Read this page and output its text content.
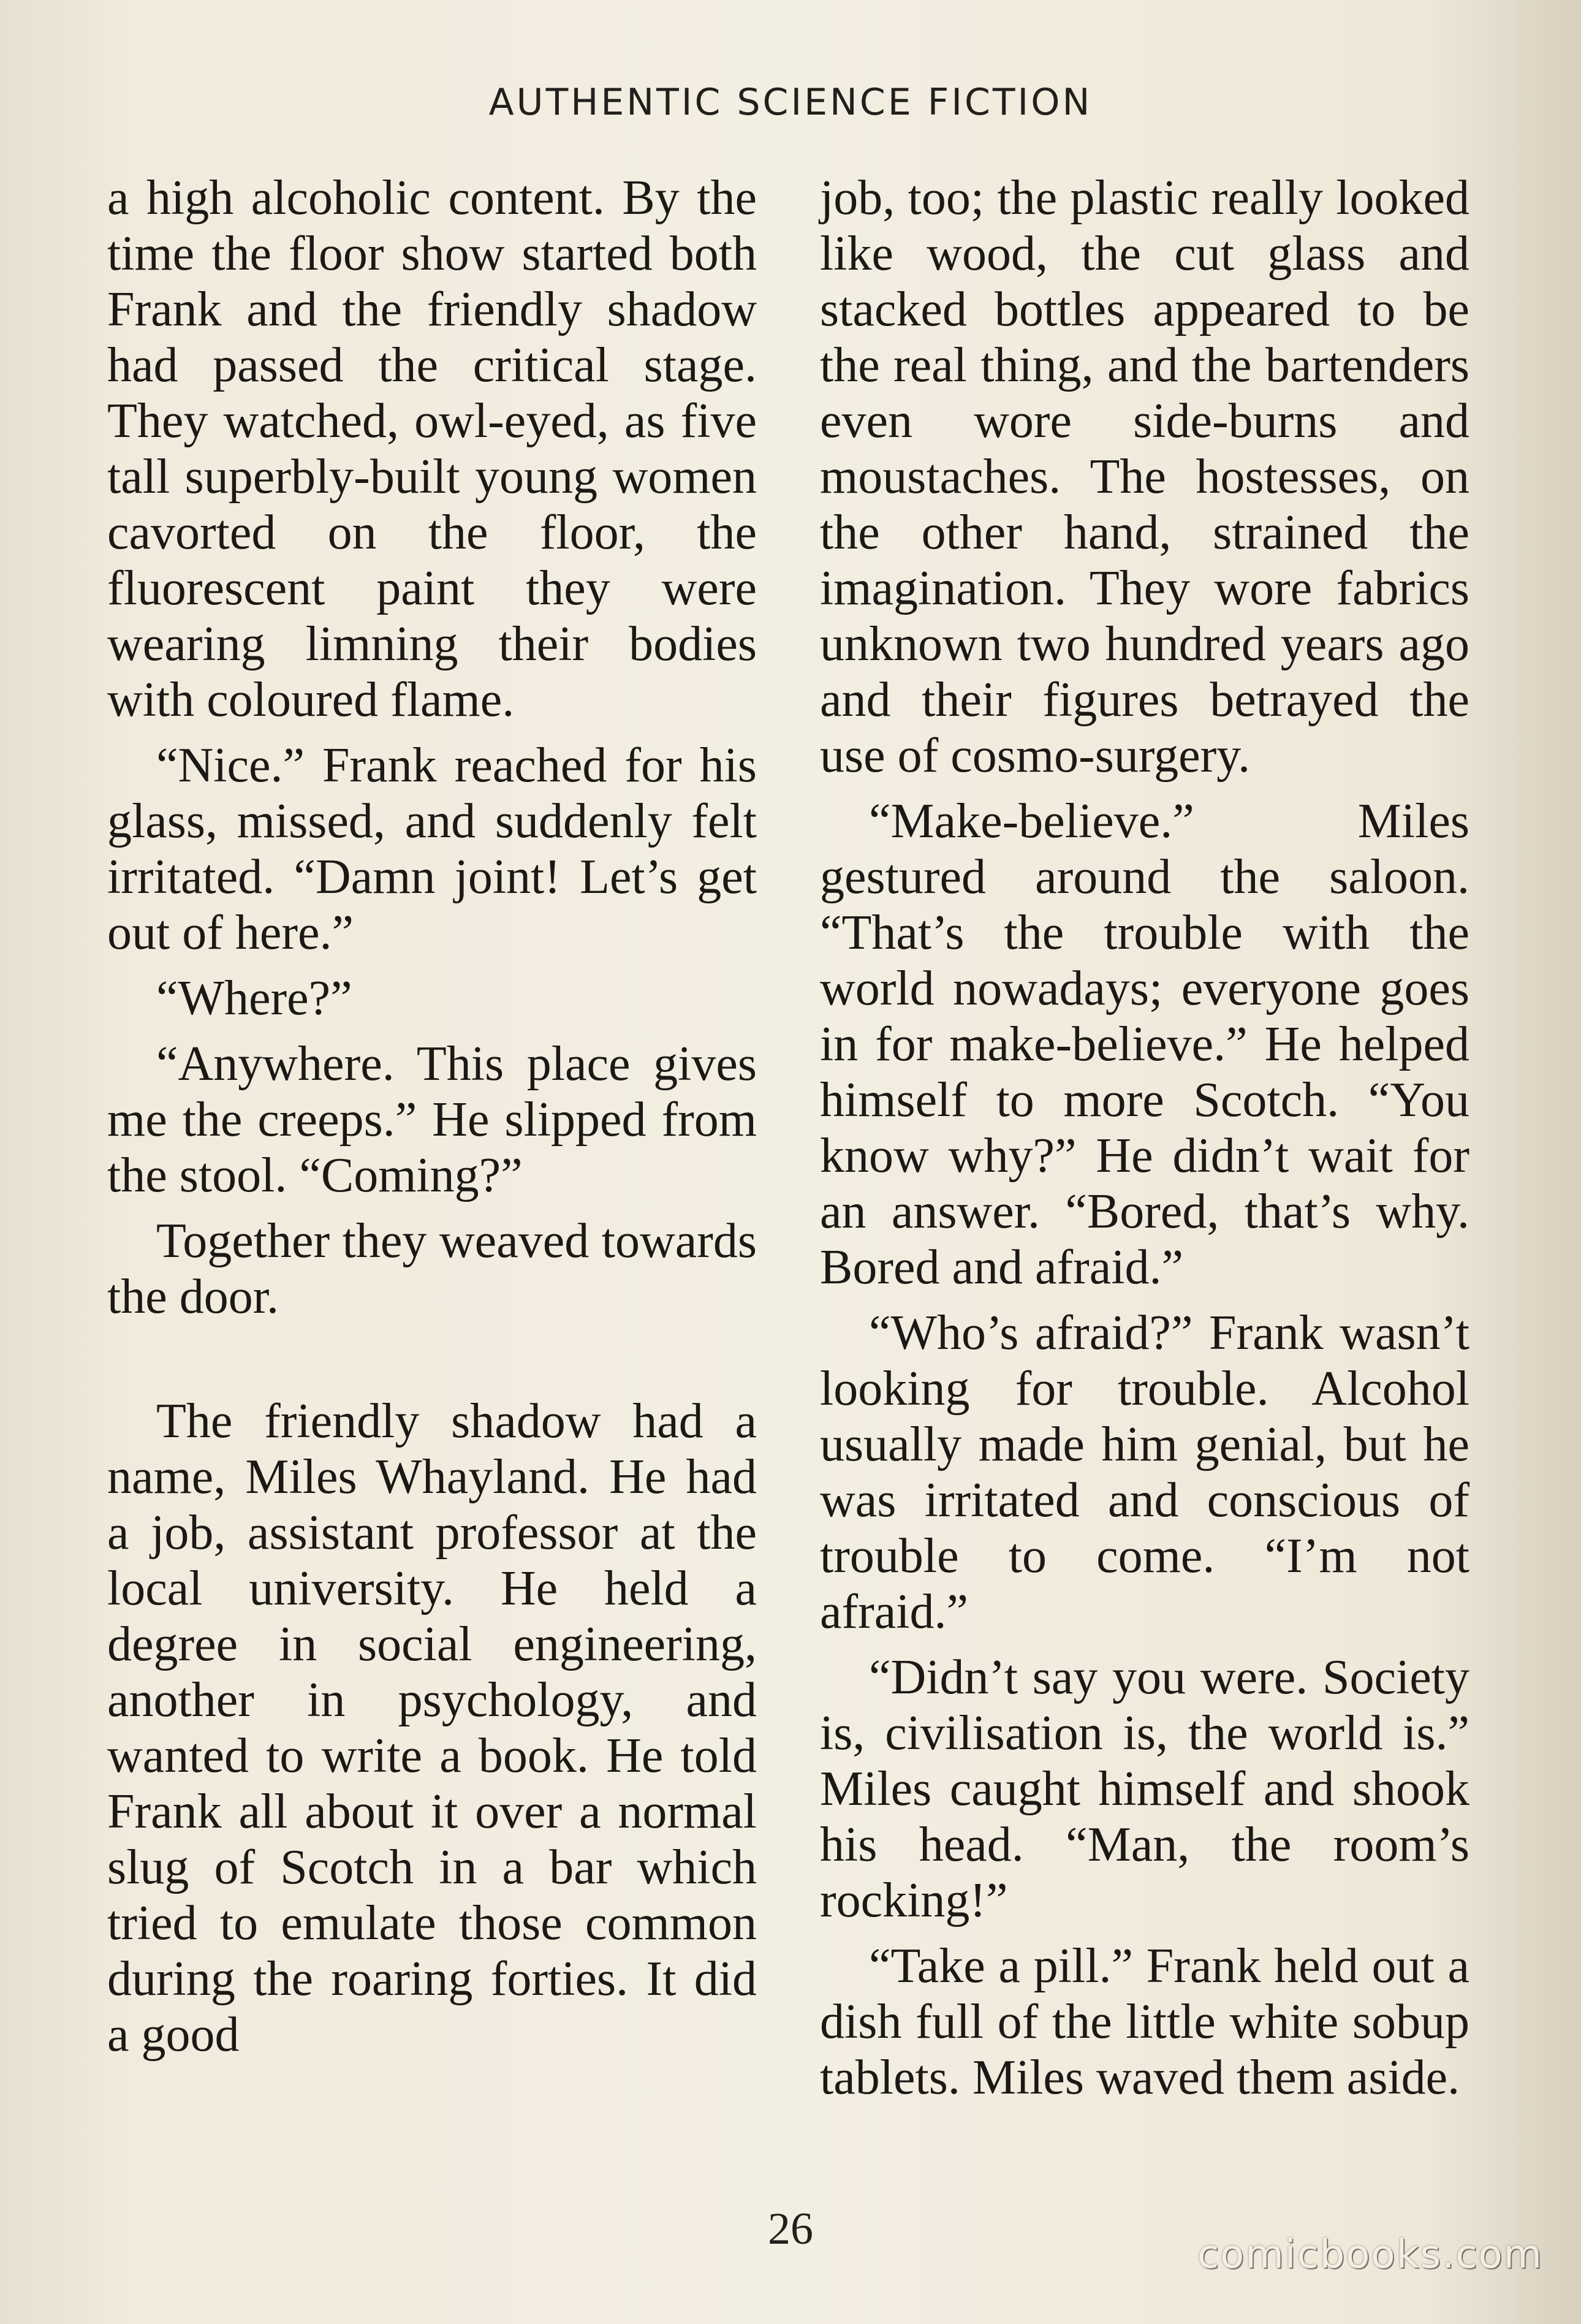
AUTHENTIC SCIENCE FICTION

a high alcoholic content. By the time the floor show started both Frank and the friendly shadow had passed the critical stage. They watched, owl-eyed, as five tall superbly-built young women cavorted on the floor, the fluorescent paint they were wearing limning their bodies with coloured flame.

“Nice.” Frank reached for his glass, missed, and suddenly felt irritated. “Damn joint! Let’s get out of here.”

“Where?”

“Anywhere. This place gives me the creeps.” He slipped from the stool. “Coming?”

Together they weaved towards the door.

The friendly shadow had a name, Miles Whayland. He had a job, assistant professor at the local university. He held a degree in social engineering, another in psychology, and wanted to write a book. He told Frank all about it over a normal slug of Scotch in a bar which tried to emulate those common during the roaring forties. It did a good

job, too; the plastic really looked like wood, the cut glass and stacked bottles appeared to be the real thing, and the bartenders even wore side-burns and moustaches. The hostesses, on the other hand, strained the imagination. They wore fabrics unknown two hundred years ago and their figures betrayed the use of cosmo-surgery.

“Make-believe.” Miles gestured around the saloon. “That’s the trouble with the world nowadays; everyone goes in for make-believe.” He helped himself to more Scotch. “You know why?” He didn’t wait for an answer. “Bored, that’s why. Bored and afraid.”

“Who’s afraid?” Frank wasn’t looking for trouble. Alcohol usually made him genial, but he was irritated and conscious of trouble to come. “I’m not afraid.”

“Didn’t say you were. Society is, civilisation is, the world is.” Miles caught himself and shook his head. “Man, the room’s rocking!”

“Take a pill.” Frank held out a dish full of the little white sobup tablets. Miles waved them aside.

26
comicbooks.com
